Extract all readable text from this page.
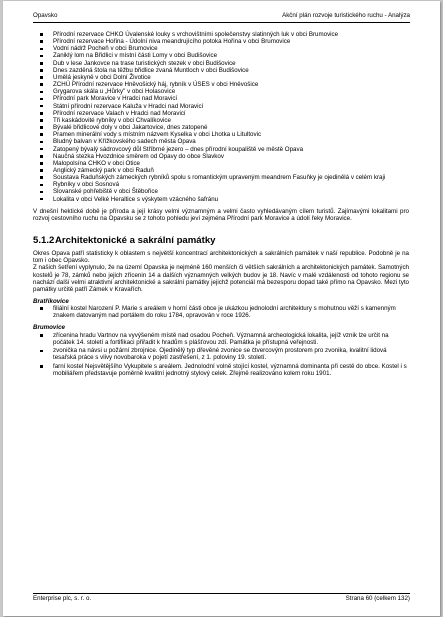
Opavsko	Akční plán rozvoje turistického ruchu - Analýza
Přírodní rezervace CHKO Úvalenské louky s vrchovištními společenstvy slatinných luk v obci Brumovice
Přírodní rezervace Hořina - Údolní niva meandrujícího potoka Hořina v obci Brumovice
Vodní nádrž Pocheň v obci Brumovice
Zaniklý lom na Břidlici v místní části Lomy v obci Budišovice
Dub v lese Jankovce na trase turistických stezek v obci Budišovice
Dnes zazděná štola na těžbu břidlice zvaná Muntloch v obci Budišovice
Umělá jeskyně v obci Dolní Životice
ZCHÚ Přírodní rezervace Hněvošický háj, rybník v ÚSES v obci Hněvošice
Grygarova skála u „Hůrky" v obci Holasovice
Přírodní park Moravice v Hradci nad Moravicí
Státní přírodní rezervace Kaluža v Hradci nad Moravicí
Přírodní rezervace Valach v Hradci nad Moravicí
Tři kaskádovité rybníky v obci Chvalíkovice
Bývalé břidlicové doly v obci Jakartovice, dnes zatopené
Pramen minerální vody s místním názvem Kyselka v obci Lhotka u Litultovic
Bludný balvan v Křížkovského sadech města Opava
Zatopený bývalý sádrovcový důl Stříbrné jezero – dnes přírodní koupaliště ve městě Opava
Naučná stezka Hvozdnice směrem od Opavy do obce Slavkov
Malopolsína CHKO v obci Otice
Anglický zámecký park v obci Raduň
Soustava Raduňských zámeckých rybníků spolu s romantickým upraveným meandrem Fasuňky je ojedinělá v celém kraji
Rybníky v obci Sosnová
Slovanské pohřebiště v obci Štěbořice
Lokalita v obci Velké Heraltice s výskytem vzácného šafránu

V dnešní hektické době je příroda a její krásy velmi významným a velmi často vyhledávaným cílem turistů. Zajímavými lokalitami pro rozvoj cestovního ruchu na Opavsku se z tohoto pohledu jeví zejména Přírodní park Moravice a údolí řeky Moravice.

5.1.2Architektonické a sakrální památky

Okres Opava patří statisticky k oblastem s největší koncentrací architektonických a sakrálních památek v naší republice. Podobně je na tom i obec Opavsko.

Z našich šetření vyplynulo, že na území Opavska je nejméně 160 menších či větších sakrálních a architektonických památek. Samotných kostelů je 78, zámků nebo jejich zřícenin 14 a dalších významných velkých budov je 18. Navíc v malé vzdálenosti od tohoto regionu se nachází další velmi atraktivní architektonické a sakrální památky jejichž potenciál má bezesporu dopad také přímo na Opavsko. Mezi tyto památky určitě patří Zámek v Kravařích.

Bratříkovice
filiální kostel Narození P. Marie s areálem v horní části obce je ukázkou jednolodní architektury s mohutnou věží s kamenným znakem datovaným nad portálem do roku 1784, opravován v roce 1926.
Brumovice
zřícenina hradu Vartnov na vyvýšeném místě nad osadou Pocheň. Významná archeologická lokalita, jejíž vznik lze určit na počátek 14. století a fortifikaci přiřadit k hradům s plášťovou zdí. Památka je přístupná veřejnosti.
zvonička na návsi u požární zbrojnice. Ojedinělý typ dřevěné zvonice se čtvercovým prostorem pro zvonika, kvalitní lidová tesařská práce s vlivy novobaroka v pojetí zastřešení, z 1. poloviny 19. století.
farní kostel Nejsvětějšího Vykupitele s areálem. Jednolodní volně stojící kostel, významná dominanta při cestě do obce. Kostel i s mobiliářem představuje poměrně kvalitní jednotný stylový celek. Zřejmě realizováno kolem roku 1901.
Enterprise plc, s. r. o.	Strana 60 (celkem 132)
